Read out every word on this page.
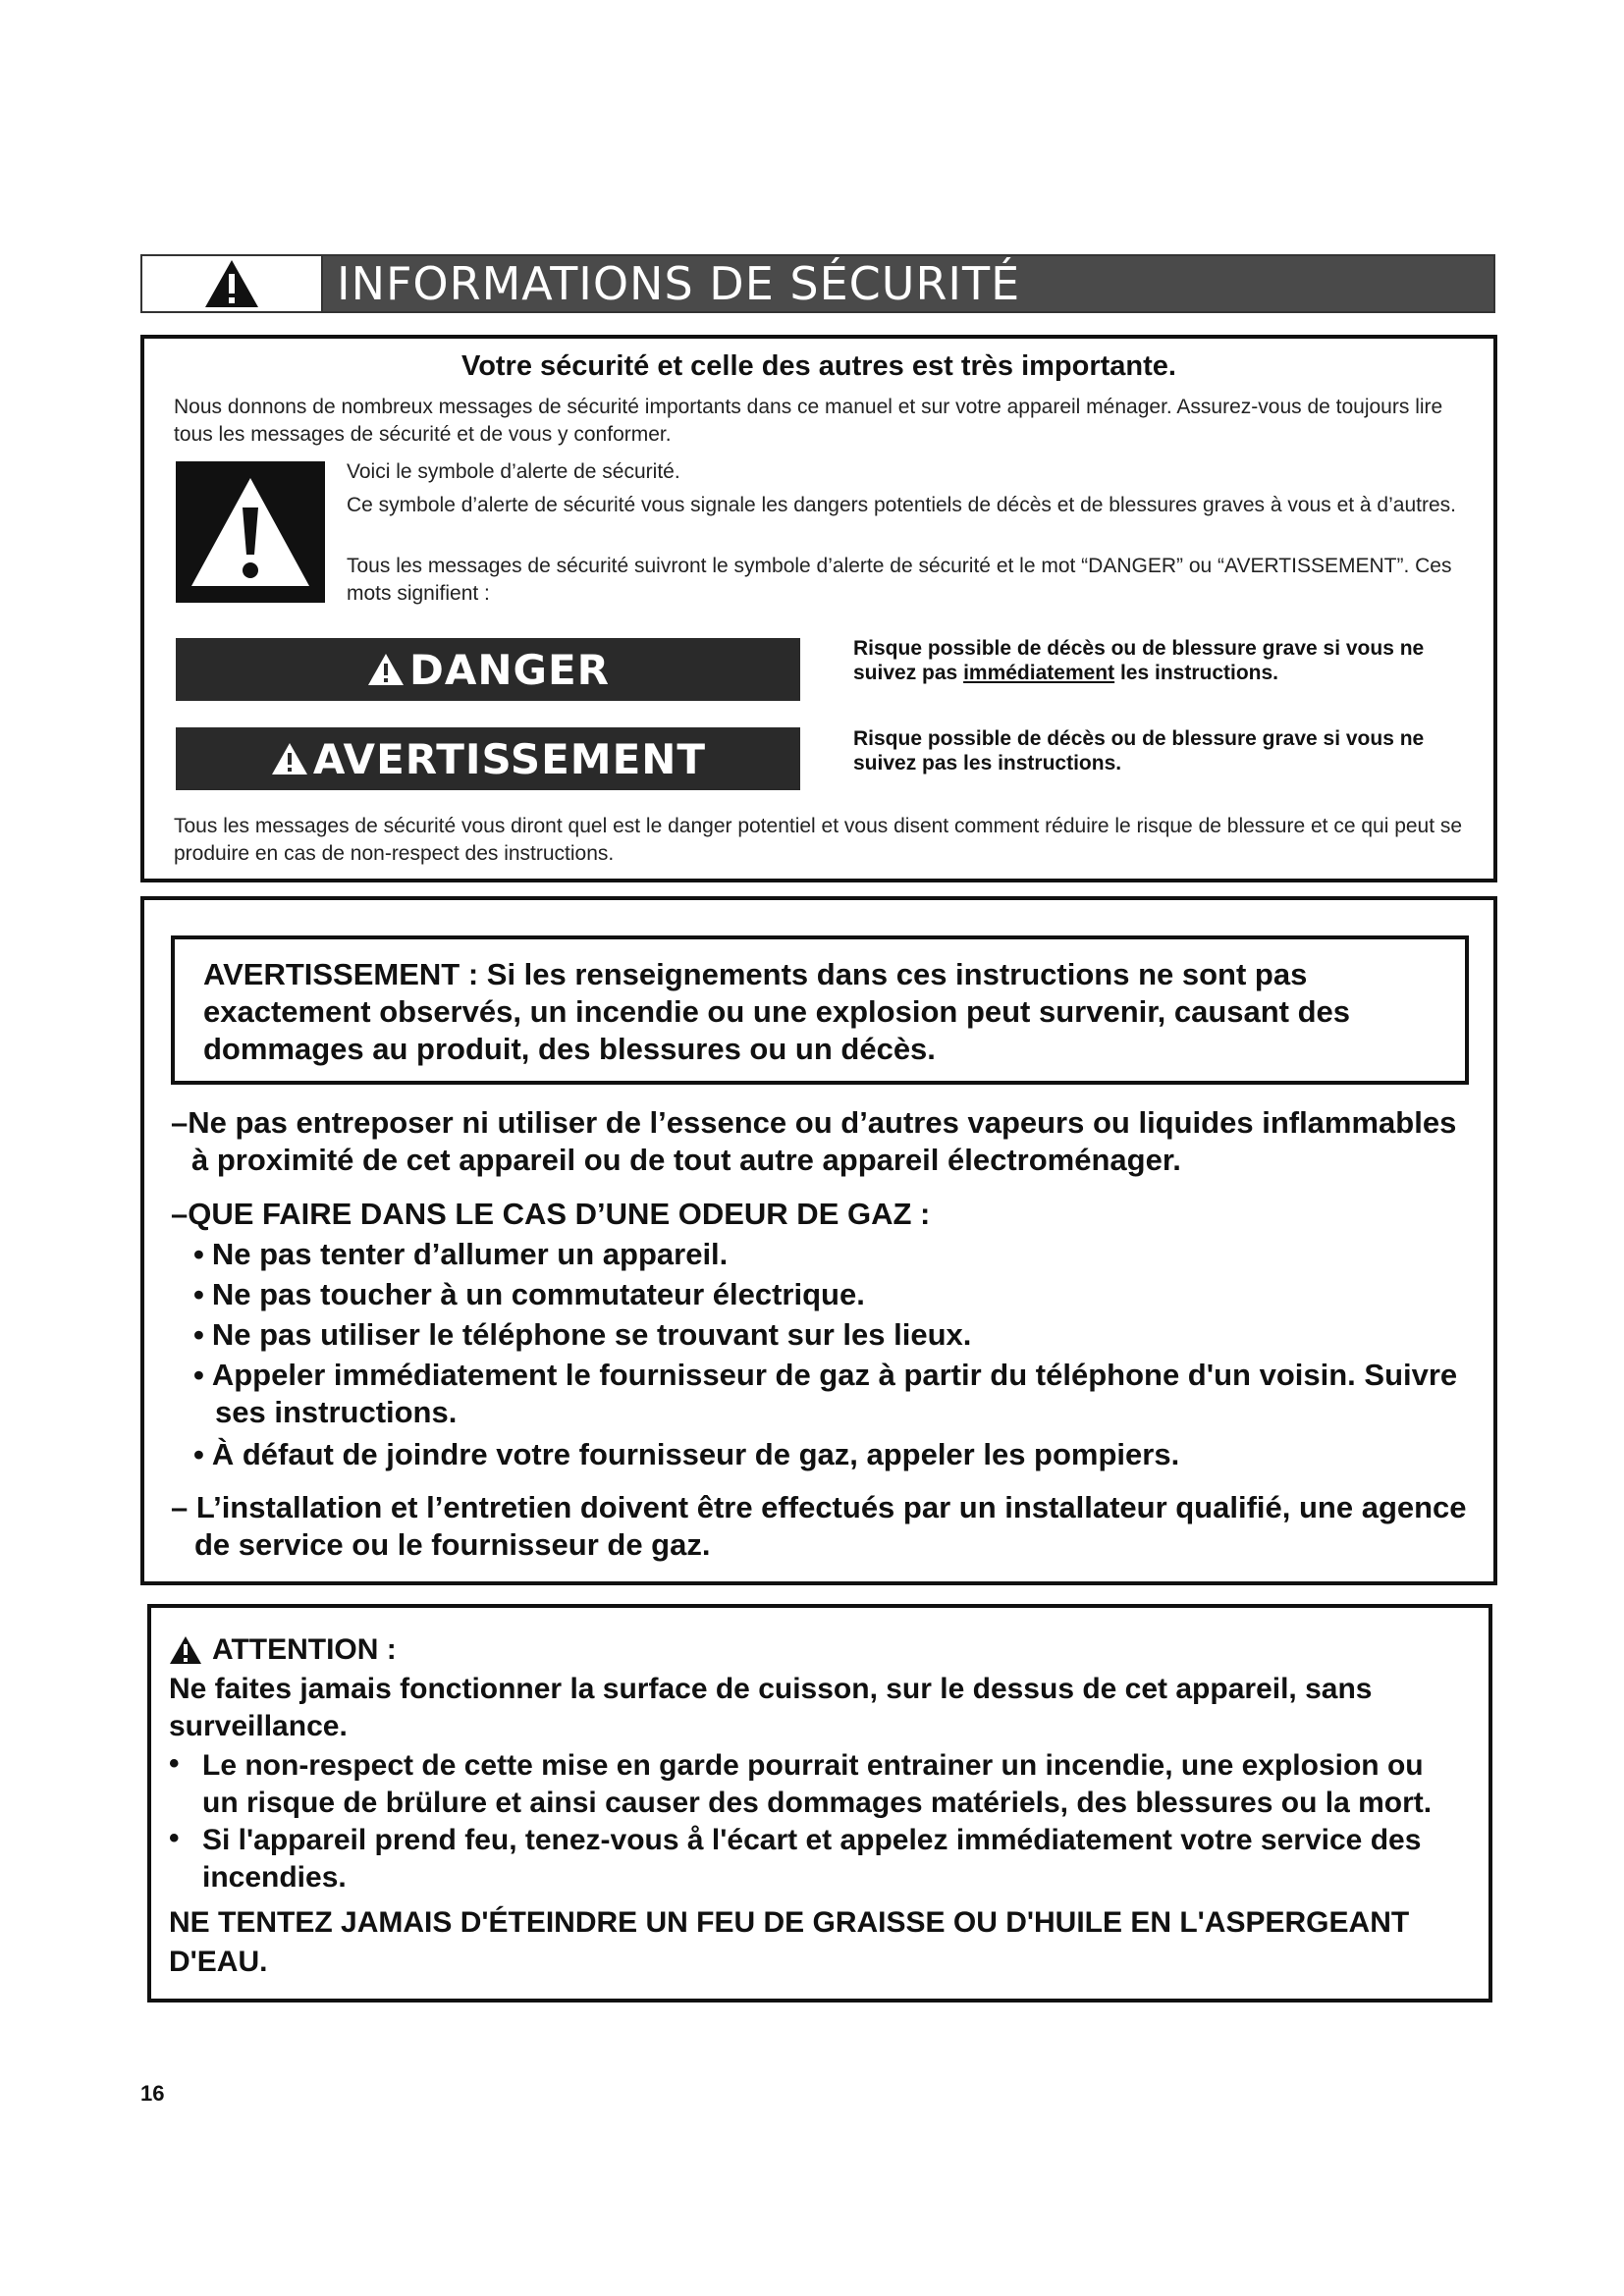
INFORMATIONS DE SÉCURITÉ
Votre sécurité et celle des autres est très importante.

Nous donnons de nombreux messages de sécurité importants dans ce manuel et sur votre appareil ménager. Assurez-vous de toujours lire tous les messages de sécurité et de vous y conformer.

Voici le symbole d’alerte de sécurité.

Ce symbole d’alerte de sécurité vous signale les dangers potentiels de décès et de blessures graves à vous et à d’autres.

Tous les messages de sécurité suivront le symbole d’alerte de sécurité et le mot “DANGER” ou “AVERTISSEMENT”. Ces mots signifient :

DANGER	Risque possible de décès ou de blessure grave si vous ne suivez pas immédiatement les instructions.

AVERTISSEMENT	Risque possible de décès ou de blessure grave si vous ne suivez pas les instructions.

Tous les messages de sécurité vous diront quel est le danger potentiel et vous disent comment réduire le risque de blessure et ce qui peut se produire en cas de non-respect des instructions.

AVERTISSEMENT : Si les renseignements dans ces instructions ne sont pas exactement observés, un incendie ou une explosion peut survenir, causant des dommages au produit, des blessures ou un décès.

–Ne pas entreposer ni utiliser de l’essence ou d’autres vapeurs ou liquides inflammables
à proximité de cet appareil ou de tout autre appareil électroménager.
–QUE FAIRE DANS LE CAS D’UNE ODEUR DE GAZ :
• Ne pas tenter d’allumer un appareil.
• Ne pas toucher à un commutateur électrique.
• Ne pas utiliser le téléphone se trouvant sur les lieux.
• Appeler immédiatement le fournisseur de gaz à partir du téléphone d'un voisin. Suivre
ses instructions.
• À défaut de joindre votre fournisseur de gaz, appeler les pompiers.
– L’installation et l’entretien doivent être effectués par un installateur qualifié, une agence
de service ou le fournisseur de gaz.
ATTENTION :
Ne faites jamais fonctionner la surface de cuisson, sur le dessus de cet appareil, sans
surveillance.
• Le non-respect de cette mise en garde pourrait entrainer un incendie, une explosion ou
un risque de brülure et ainsi causer des dommages matériels, des blessures ou la mort.
• Si l'appareil prend feu, tenez-vous å l'écart et appelez immédiatement votre service des
incendies.
NE TENTEZ JAMAIS D'ÉTEINDRE UN FEU DE GRAISSE OU D'HUILE EN L'ASPERGEANT
D'EAU.
16
